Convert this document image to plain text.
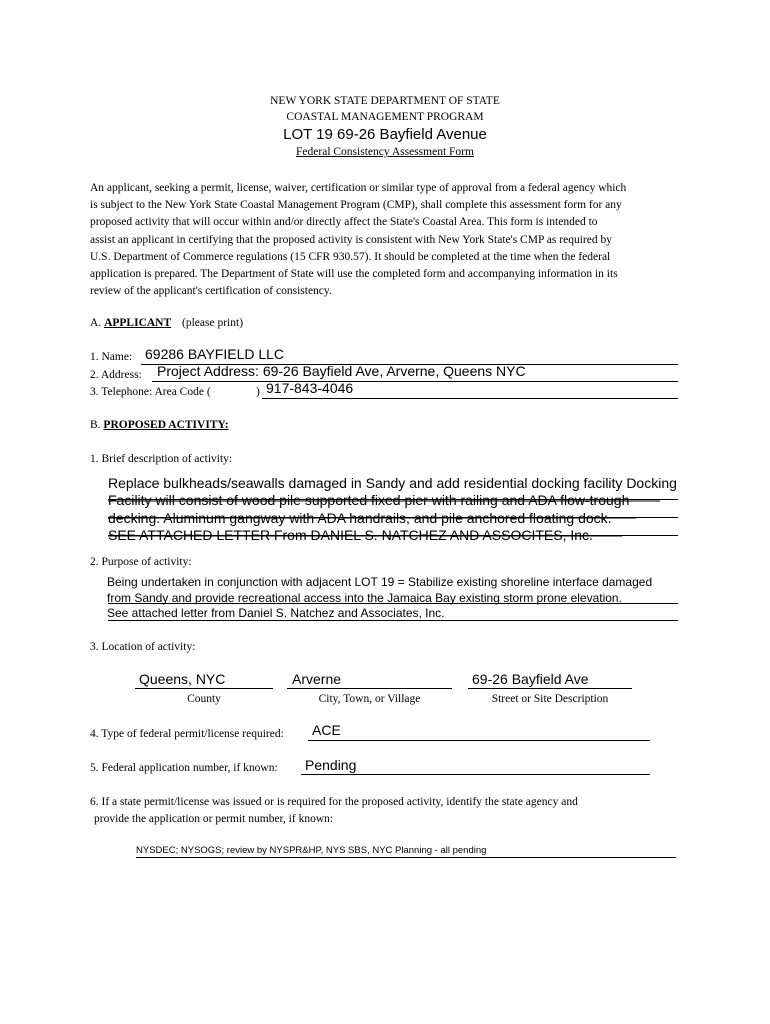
NEW YORK STATE DEPARTMENT OF STATE
COASTAL MANAGEMENT PROGRAM
LOT 19 69-26 Bayfield Avenue
Federal Consistency Assessment Form

An applicant, seeking a permit, license, waiver, certification or similar type of approval from a federal agency which

is subject to the New York State Coastal Management Program (CMP), shall complete this assessment form for any

proposed activity that will occur within and/or directly affect the State's Coastal Area. This form is intended to

assist an applicant in certifying that the proposed activity is consistent with New York State's CMP as required by

U.S. Department of Commerce regulations (15 CFR 930.57). It should be completed at the time when the federal

application is prepared. The Department of State will use the completed form and accompanying information in its

review of the applicant's certification of consistency.

A. APPLICANT (please print)
1. Name: 69286 BAYFIELD LLC
2. Address: Project Address: 69-26 Bayfield Ave, Arverne, Queens NYC
3. Telephone: Area Code (	) 917-843-4046
B. PROPOSED ACTIVITY:
1. Brief description of activity:
Replace bulkheads/seawalls damaged in Sandy and add residential docking facility Docking
Facility will consist of wood pile supported fixed pier with railing and ADA flow-trough
decking. Aluminum gangway with ADA handrails, and pile anchored floating dock.
SEE ATTACHED LETTER From DANIEL S. NATCHEZ AND ASSOCITES, Inc.
2. Purpose of activity:
Being undertaken in conjunction with adjacent LOT 19 = Stabilize existing shoreline interface damaged
from Sandy and provide recreational access into the Jamaica Bay existing storm prone elevation.
See attached letter from Daniel S. Natchez and Associates, Inc.
3. Location of activity:
Queens, NYC
County
Arverne
City, Town, or Village
69-26 Bayfield Ave
Street or Site Description
4. Type of federal permit/license required: ACE
5. Federal application number, if known: Pending
6. If a state permit/license was issued or is required for the proposed activity, identify the state agency and
provide the application or permit number, if known:
NYSDEC; NYSOGS; review by NYSPR&HP, NYS SBS, NYC Planning - all pending
